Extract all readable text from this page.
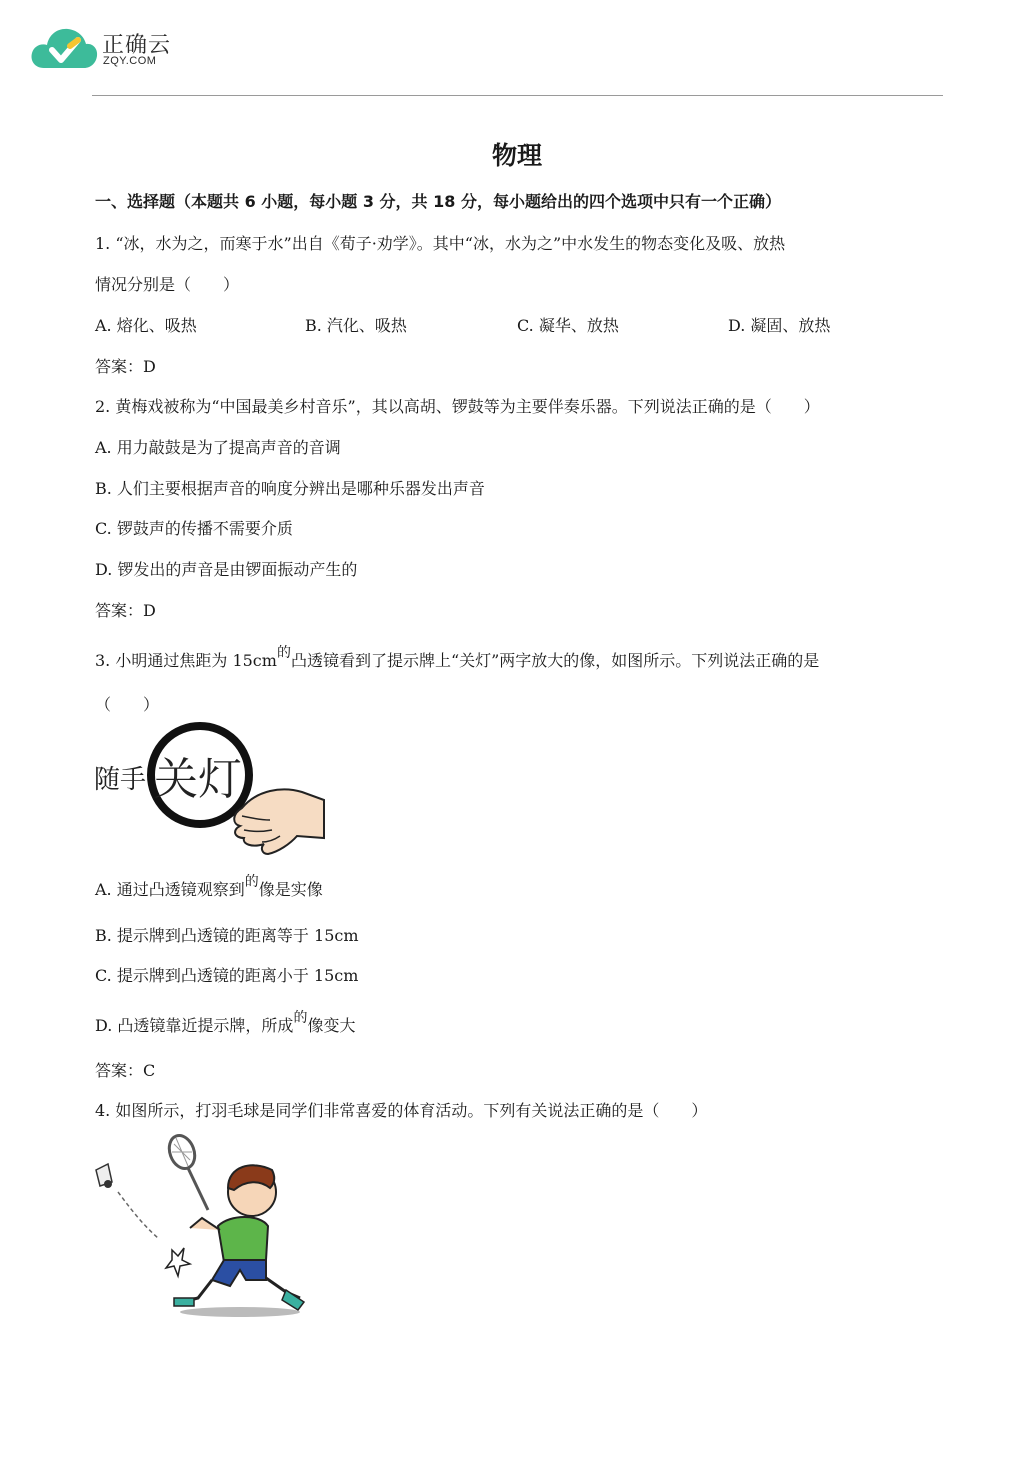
正确云
ZQY.COM
物理
一、选择题（本题共 6 小题，每小题 3 分，共 18 分，每小题给出的四个选项中只有一个正确）
1. “冰，水为之，而寒于水”出自《荀子·劝学》。其中“冰，水为之”中水发生的物态变化及吸、放热
情况分别是（　　）
A. 熔化、吸热	B. 汽化、吸热	C. 凝华、放热	D. 凝固、放热
答案：D
2. 黄梅戏被称为“中国最美乡村音乐”，其以高胡、锣鼓等为主要伴奏乐器。下列说法正确的是（　　）
A. 用力敲鼓是为了提高声音的音调
B. 人们主要根据声音的响度分辨出是哪种乐器发出声音
C. 锣鼓声的传播不需要介质
D. 锣发出的声音是由锣面振动产生的
答案：D
3. 小明通过焦距为 15cm的凸透镜看到了提示牌上“关灯”两字放大的像，如图所示。下列说法正确的是
（　　）
随手 关灯
A. 通过凸透镜观察到的像是实像
B. 提示牌到凸透镜的距离等于 15cm
C. 提示牌到凸透镜的距离小于 15cm
D. 凸透镜靠近提示牌，所成的像变大
答案：C
4. 如图所示，打羽毛球是同学们非常喜爱的体育活动。下列有关说法正确的是（　　）
